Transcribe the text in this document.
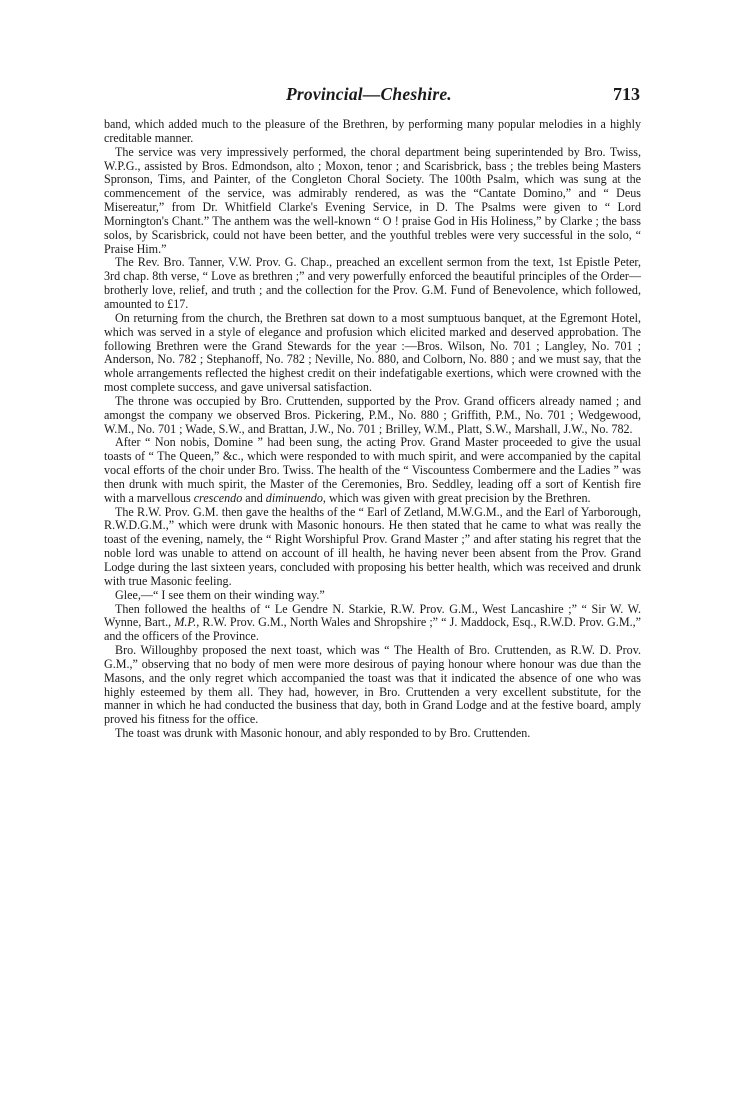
Provincial—Cheshire.	713

band, which added much to the pleasure of the Brethren, by performing many popular melodies in a highly creditable manner.

The service was very impressively performed, the choral department being superintended by Bro. Twiss, W.P.G., assisted by Bros. Edmondson, alto ; Moxon, tenor ; and Scarisbrick, bass ; the trebles being Masters Spronson, Tims, and Painter, of the Congleton Choral Society. The 100th Psalm, which was sung at the commencement of the service, was admirably rendered, as was the “Cantate Domino,” and “ Deus Misereatur,” from Dr. Whitfield Clarke's Evening Service, in D. The Psalms were given to “ Lord Mornington's Chant.” The anthem was the well-known “ O ! praise God in His Holiness,” by Clarke ; the bass solos, by Scarisbrick, could not have been better, and the youthful trebles were very successful in the solo, “ Praise Him.”

The Rev. Bro. Tanner, V.W. Prov. G. Chap., preached an excellent sermon from the text, 1st Epistle Peter, 3rd chap. 8th verse, “ Love as brethren ;” and very powerfully enforced the beautiful principles of the Order—brotherly love, relief, and truth ; and the collection for the Prov. G.M. Fund of Benevolence, which followed, amounted to £17.

On returning from the church, the Brethren sat down to a most sumptuous banquet, at the Egremont Hotel, which was served in a style of elegance and profusion which elicited marked and deserved approbation. The following Brethren were the Grand Stewards for the year :—Bros. Wilson, No. 701 ; Langley, No. 701 ; Anderson, No. 782 ; Stephanoff, No. 782 ; Neville, No. 880, and Colborn, No. 880 ; and we must say, that the whole arrangements reflected the highest credit on their indefatigable exertions, which were crowned with the most complete success, and gave universal satisfaction.

The throne was occupied by Bro. Cruttenden, supported by the Prov. Grand officers already named ; and amongst the company we observed Bros. Pickering, P.M., No. 880 ; Griffith, P.M., No. 701 ; Wedgewood, W.M., No. 701 ; Wade, S.W., and Brattan, J.W., No. 701 ; Brilley, W.M., Platt, S.W., Marshall, J.W., No. 782.

After “ Non nobis, Domine ” had been sung, the acting Prov. Grand Master proceeded to give the usual toasts of “ The Queen,” &c., which were responded to with much spirit, and were accompanied by the capital vocal efforts of the choir under Bro. Twiss. The health of the “ Viscountess Combermere and the Ladies ” was then drunk with much spirit, the Master of the Ceremonies, Bro. Seddley, leading off a sort of Kentish fire with a marvellous crescendo and diminuendo, which was given with great precision by the Brethren.

The R.W. Prov. G.M. then gave the healths of the “ Earl of Zetland, M.W.G.M., and the Earl of Yarborough, R.W.D.G.M.,” which were drunk with Masonic honours. He then stated that he came to what was really the toast of the evening, namely, the “ Right Worshipful Prov. Grand Master ;” and after stating his regret that the noble lord was unable to attend on account of ill health, he having never been absent from the Prov. Grand Lodge during the last sixteen years, concluded with proposing his better health, which was received and drunk with true Masonic feeling.

Glee,—“ I see them on their winding way.”

Then followed the healths of “ Le Gendre N. Starkie, R.W. Prov. G.M., West Lancashire ;” “ Sir W. W. Wynne, Bart., M.P., R.W. Prov. G.M., North Wales and Shropshire ;” “ J. Maddock, Esq., R.W.D. Prov. G.M.,” and the officers of the Province.

Bro. Willoughby proposed the next toast, which was “ The Health of Bro. Cruttenden, as R.W. D. Prov. G.M.,” observing that no body of men were more desirous of paying honour where honour was due than the Masons, and the only regret which accompanied the toast was that it indicated the absence of one who was highly esteemed by them all. They had, however, in Bro. Cruttenden a very excellent substitute, for the manner in which he had conducted the business that day, both in Grand Lodge and at the festive board, amply proved his fitness for the office.

The toast was drunk with Masonic honour, and ably responded to by Bro. Cruttenden.
